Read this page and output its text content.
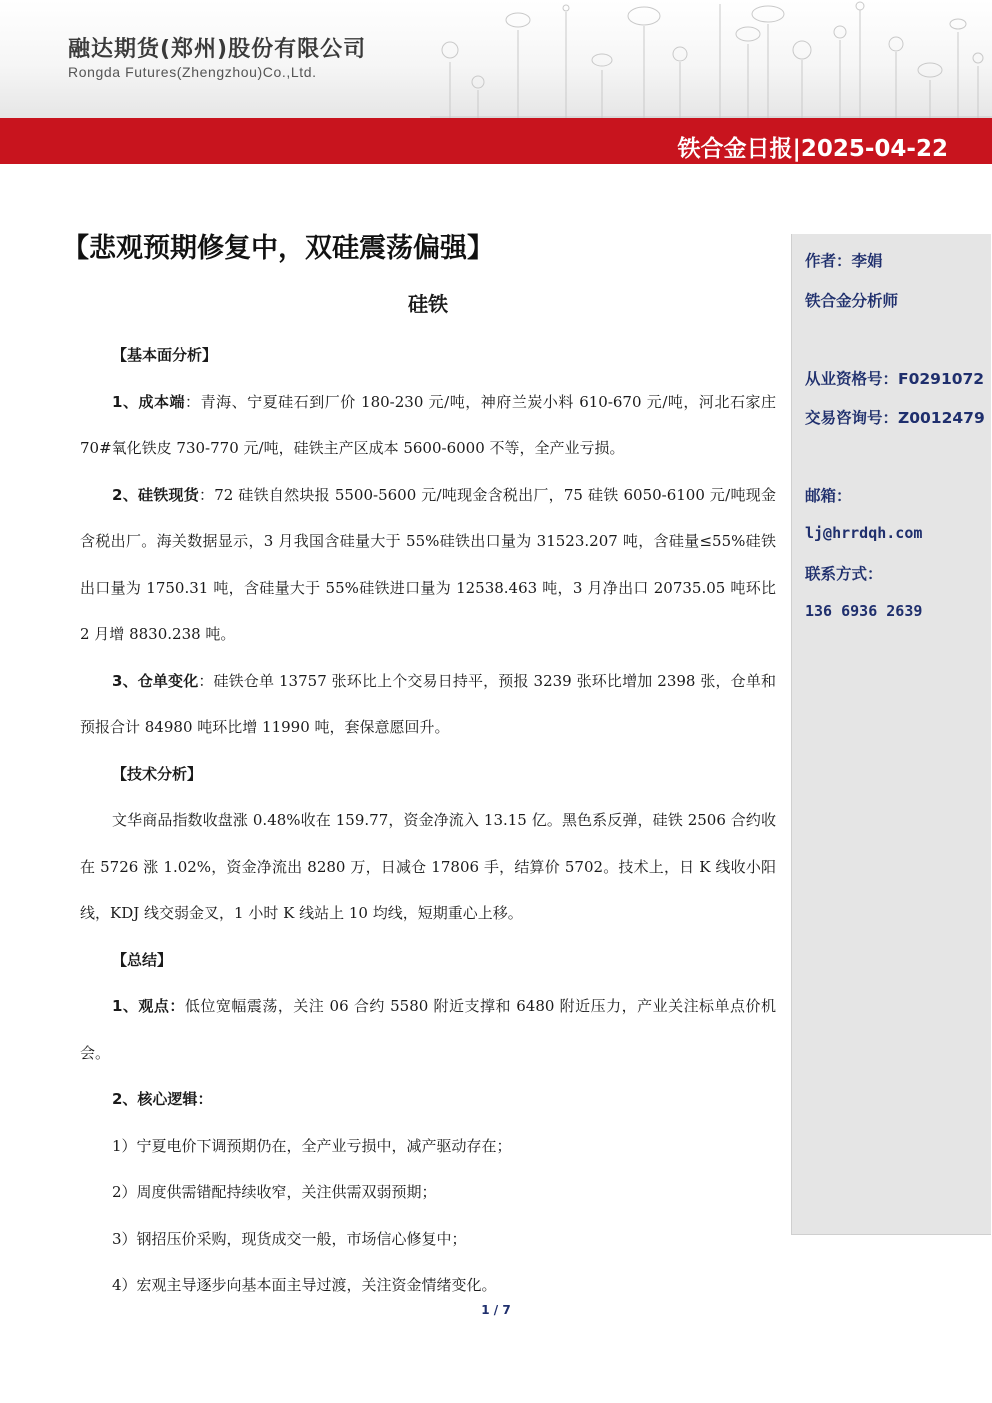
融达期货(郑州)股份有限公司
Rongda Futures(Zhengzhou)Co.,Ltd.
铁合金日报|2025-04-22
【悲观预期修复中，双硅震荡偏强】
硅铁

【基本面分析】

1、成本端：青海、宁夏硅石到厂价 180-230 元/吨，神府兰炭小料 610-670 元/吨，河北石家庄 70#氧化铁皮 730-770 元/吨，硅铁主产区成本 5600-6000 不等，全产业亏损。

2、硅铁现货：72 硅铁自然块报 5500-5600 元/吨现金含税出厂，75 硅铁 6050-6100 元/吨现金含税出厂。海关数据显示，3 月我国含硅量大于 55%硅铁出口量为 31523.207 吨，含硅量≤55%硅铁出口量为 1750.31 吨，含硅量大于 55%硅铁进口量为 12538.463 吨，3 月净出口 20735.05 吨环比 2 月增 8830.238 吨。

3、仓单变化：硅铁仓单 13757 张环比上个交易日持平，预报 3239 张环比增加 2398 张，仓单和预报合计 84980 吨环比增 11990 吨，套保意愿回升。

【技术分析】

文华商品指数收盘涨 0.48%收在 159.77，资金净流入 13.15 亿。黑色系反弹，硅铁 2506 合约收在 5726 涨 1.02%，资金净流出 8280 万，日减仓 17806 手，结算价 5702。技术上，日 K 线收小阳线，KDJ 线交弱金叉，1 小时 K 线站上 10 均线，短期重心上移。

【总结】

1、观点：低位宽幅震荡，关注 06 合约 5580 附近支撑和 6480 附近压力，产业关注标单点价机会。

2、核心逻辑：

1）宁夏电价下调预期仍在，全产业亏损中，减产驱动存在；

2）周度供需错配持续收窄，关注供需双弱预期；

3）钢招压价采购，现货成交一般，市场信心修复中；

4）宏观主导逐步向基本面主导过渡，关注资金情绪变化。

作者：李娟
铁合金分析师
从业资格号：F0291072
交易咨询号：Z0012479
邮箱：
lj@hrrdqh.com
联系方式：
136 6936 2639
1 / 7
